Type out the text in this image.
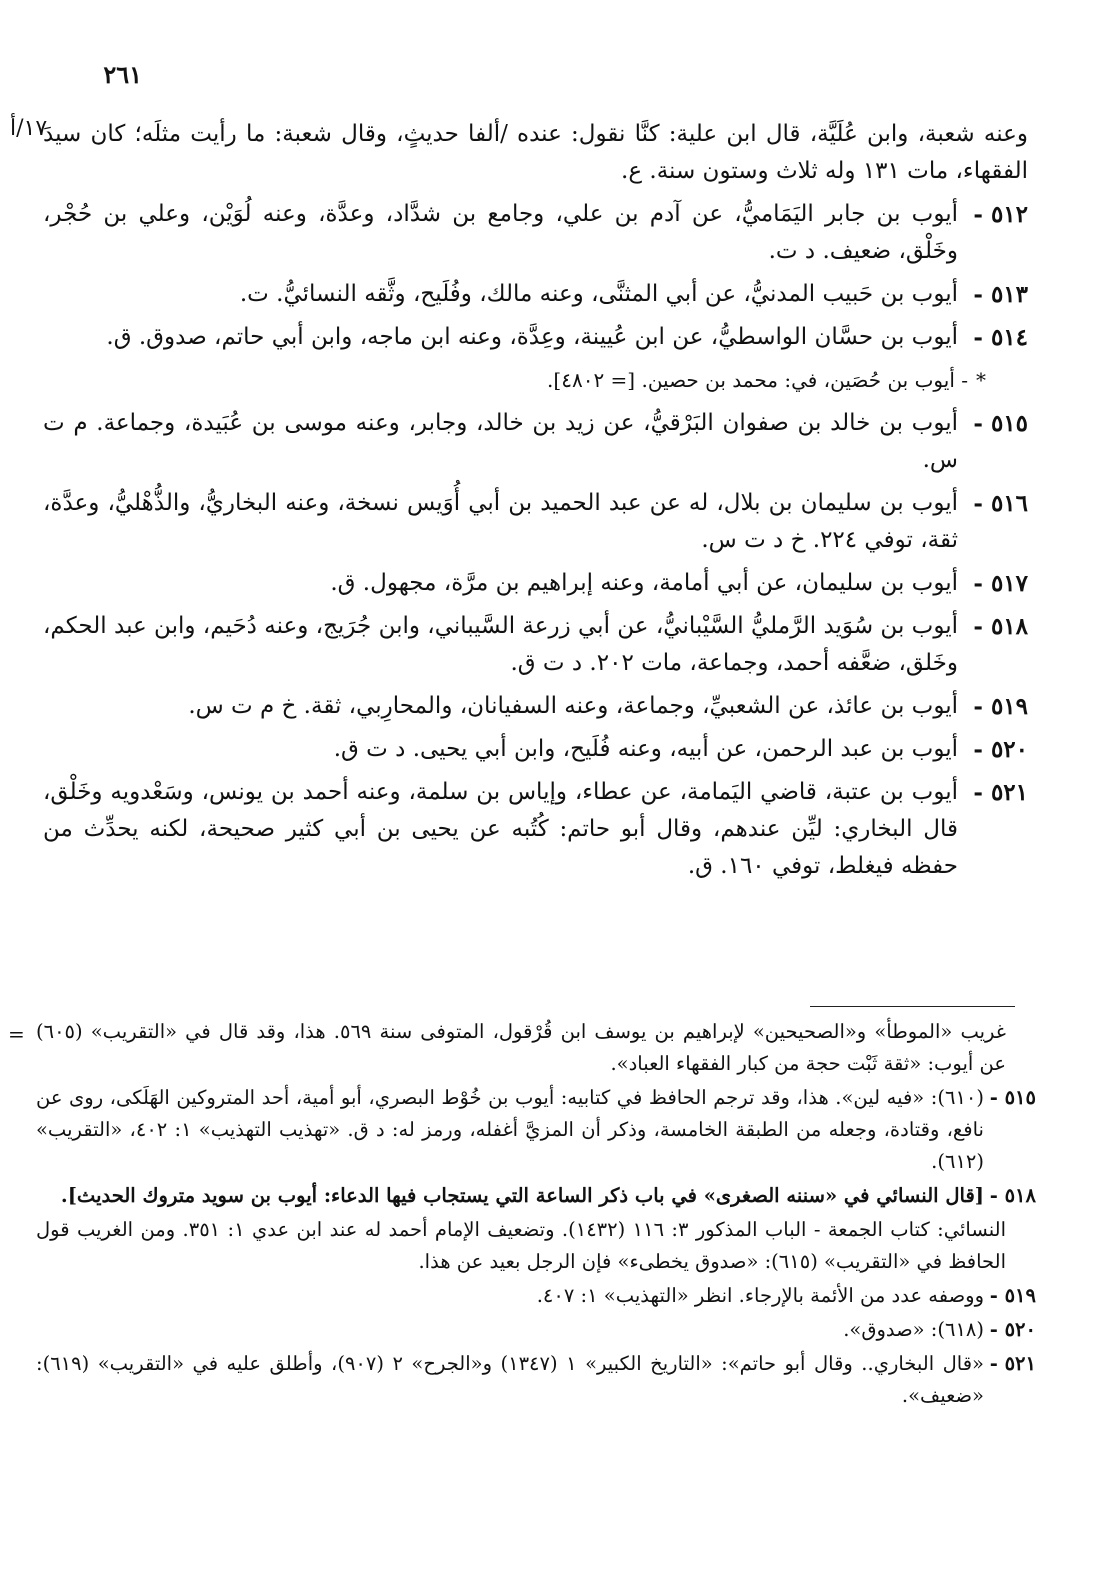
٢٦١
١٧/أ

وعنه شعبة، وابن عُلَيَّة، قال ابن علية: كنَّا نقول: عنده /ألفا حديثٍ، وقال شعبة: ما رأيت مثلَه؛ كان سيدَ الفقهاء، مات ١٣١ وله ثلاث وستون سنة. ع.

٥١٢ -
أيوب بن جابر اليَمَاميُّ، عن آدم بن علي، وجامع بن شدَّاد، وعدَّة، وعنه لُوَيْن، وعلي بن حُجْر، وخَلْق، ضعيف. د ت.

٥١٣ -
أيوب بن حَبيب المدنيُّ، عن أبي المثنَّى، وعنه مالك، وفُلَيح، وثَّقه النسائيُّ. ت.

٥١٤ -
أيوب بن حسَّان الواسطيُّ، عن ابن عُيينة، وعِدَّة، وعنه ابن ماجه، وابن أبي حاتم، صدوق. ق.

*
- أيوب بن حُصَين، في: محمد بن حصين. [= ٤٨٠٢].

٥١٥ -
أيوب بن خالد بن صفوان البَرْقيُّ، عن زيد بن خالد، وجابر، وعنه موسى بن عُبَيدة، وجماعة. م ت س.

٥١٦ -
أيوب بن سليمان بن بلال، له عن عبد الحميد بن أبي أُوَيس نسخة، وعنه البخاريُّ، والذُّهْليُّ، وعدَّة، ثقة، توفي ٢٢٤. خ د ت س.

٥١٧ -
أيوب بن سليمان، عن أبي أمامة، وعنه إبراهيم بن مرَّة، مجهول. ق.

٥١٨ -
أيوب بن سُوَيد الرَّمليُّ السَّيْبانيُّ، عن أبي زرعة السَّيباني، وابن جُرَيج، وعنه دُحَيم، وابن عبد الحكم، وخَلق، ضعَّفه أحمد، وجماعة، مات ٢٠٢. د ت ق.

٥١٩ -
أيوب بن عائذ، عن الشعبيِّ، وجماعة، وعنه السفيانان، والمحارِبي، ثقة. خ م ت س.

٥٢٠ -
أيوب بن عبد الرحمن، عن أبيه، وعنه فُلَيح، وابن أبي يحيى. د ت ق.

٥٢١ -
أيوب بن عتبة، قاضي اليَمامة، عن عطاء، وإياس بن سلمة، وعنه أحمد بن يونس، وسَعْدويه وخَلْق، قال البخاري: ليِّن عندهم، وقال أبو حاتم: كُتُبه عن يحيى بن أبي كثير صحيحة، لكنه يحدِّث من حفظه فيغلط، توفي ١٦٠. ق.

= غريب «الموطأ» و«الصحيحين» لإبراهيم بن يوسف ابن قُرْقول، المتوفى سنة ٥٦٩. هذا، وقد قال في «التقريب» (٦٠٥) عن أيوب: «ثقة ثَبْت حجة من كبار الفقهاء العباد».

٥١٥ -
(٦١٠): «فيه لين». هذا، وقد ترجم الحافظ في كتابيه: أيوب بن خُوْط البصري، أبو أمية، أحد المتروكين الهَلَكى، روى عن نافع، وقتادة، وجعله من الطبقة الخامسة، وذكر أن المزيَّ أغفله، ورمز له: د ق. «تهذيب التهذيب» ١: ٤٠٢، «التقريب» (٦١٢).

٥١٨ -
[قال النسائي في «سننه الصغرى» في باب ذكر الساعة التي يستجاب فيها الدعاء: أيوب بن سويد متروك الحديث].

النسائي: كتاب الجمعة - الباب المذكور ٣: ١١٦ (١٤٣٢). وتضعيف الإمام أحمد له عند ابن عدي ١: ٣٥١. ومن الغريب قول الحافظ في «التقريب» (٦١٥): «صدوق يخطىء» فإن الرجل بعيد عن هذا.

٥١٩ -
ووصفه عدد من الأئمة بالإرجاء. انظر «التهذيب» ١: ٤٠٧.

٥٢٠ -
(٦١٨): «صدوق».

٥٢١ -
«قال البخاري.. وقال أبو حاتم»: «التاريخ الكبير» ١ (١٣٤٧) و«الجرح» ٢ (٩٠٧)، وأطلق عليه في «التقريب» (٦١٩): «ضعيف».
